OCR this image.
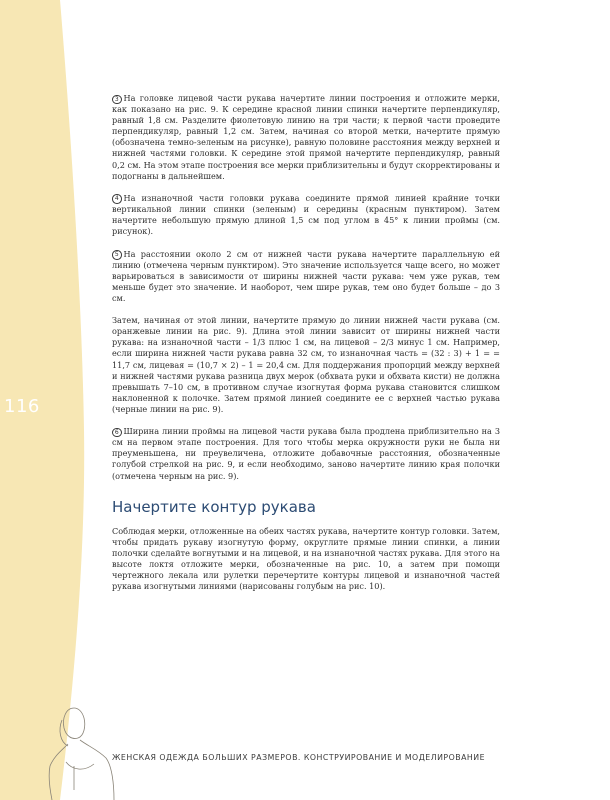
116

3 На головке лицевой части рукава начертите линии построения и отложите мерки, как показано на рис. 9. К середине красной линии спинки начертите перпендикуляр, равный 1,8 см. Разделите фиолетовую линию на три части; к первой части проведите перпендикуляр, равный 1,2 см. Затем, начиная со второй метки, начертите прямую (обозначена темно-зеленым на рисунке), равную половине расстояния между верхней и нижней частями головки. К середине этой прямой начертите перпендикуляр, равный 0,2 см. На этом этапе построения все мерки приблизительны и будут скорректированы и подогнаны в дальнейшем.

4 На изнаночной части головки рукава соедините прямой линией крайние точки вертикальной линии спинки (зеленым) и середины (красным пунктиром). Затем начертите небольшую прямую длиной 1,5 см под углом в 45° к линии проймы (см. рисунок).

5 На расстоянии около 2 см от нижней части рукава начертите параллельную ей линию (отмечена черным пунктиром). Это значение используется чаще всего, но может варьироваться в зависимости от ширины нижней части рукава: чем уже рукав, тем меньше будет это значение. И наоборот, чем шире рукав, тем оно будет больше – до 3 см.

Затем, начиная от этой линии, начертите прямую до линии нижней части рукава (см. оранжевые линии на рис. 9). Длина этой линии зависит от ширины нижней части рукава: на изнаночной части – 1/3 плюс 1 см, на лицевой – 2/3 минус 1 см. Например, если ширина нижней части рукава равна 32 см, то изнаночная часть = (32 : 3) + 1 = = 11,7 см, лицевая = (10,7 × 2) – 1 = 20,4 см. Для поддержания пропорций между верхней и нижней частями рукава разница двух мерок (обхвата руки и обхвата кисти) не должна превышать 7–10 см, в противном случае изогнутая форма рукава становится слишком наклоненной к полочке. Затем прямой линией соедините ее с верхней частью рукава (черные линии на рис. 9).

6 Ширина линии проймы на лицевой части рукава была продлена приблизительно на 3 см на первом этапе построения. Для того чтобы мерка окружности руки не была ни преуменьшена, ни преувеличена, отложите добавочные расстояния, обозначенные голубой стрелкой на рис. 9, и если необходимо, заново начертите линию края полочки (отмечена черным на рис. 9).

Начертите контур рукава

Соблюдая мерки, отложенные на обеих частях рукава, начертите контур головки. Затем, чтобы придать рукаву изогнутую форму, округлите прямые линии спинки, а линии полочки сделайте вогнутыми и на лицевой, и на изнаночной частях рукава. Для этого на высоте локтя отложите мерки, обозначенные на рис. 10, а затем при помощи чертежного лекала или рулетки перечертите контуры лицевой и изнаночной частей рукава изогнутыми линиями (нарисованы голубым на рис. 10).

ЖЕНСКАЯ ОДЕЖДА БОЛЬШИХ РАЗМЕРОВ. КОНСТРУИРОВАНИЕ И МОДЕЛИРОВАНИЕ
